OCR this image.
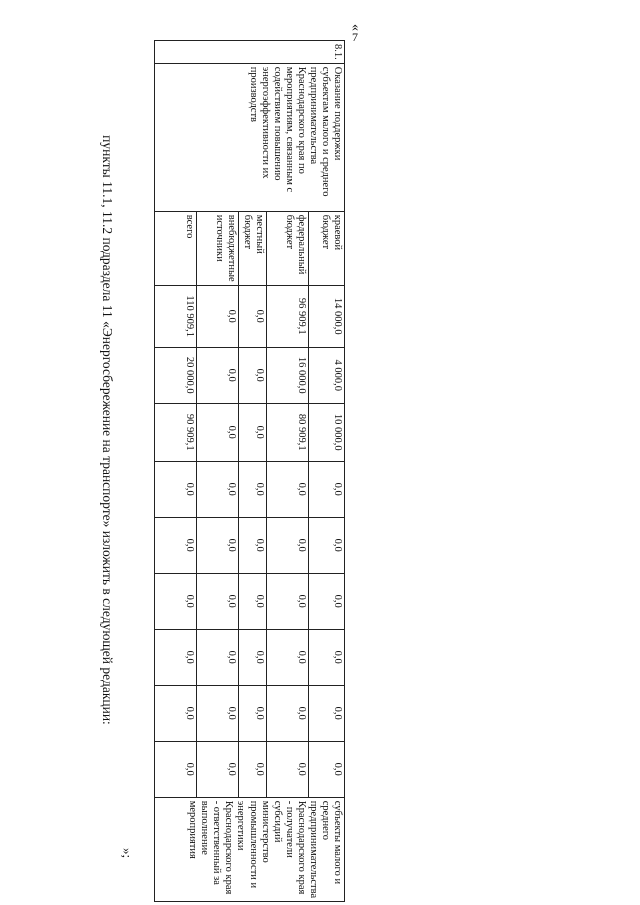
7
«
8.1.	Оказание поддержки субъектам малого и среднего предпринимательства Краснодарского края по мероприятиям, связанным с содействием повышению энергоэффективности их производств	краевой бюджет	14 000,0	4 000,0	10 000,0	0,0	0,0	0,0	0,0	0,0	0,0	субъекты малого и среднего предпринимательства Краснодарского края - получатели субсидий министерство промышленности и энергетики Краснодарского края - ответственный за выполнение мероприятия
		федеральный бюджет	96 909,1	16 000,0	80 909,1	0,0	0,0	0,0	0,0	0,0	0,0	
		местный бюджет	0,0	0,0	0,0	0,0	0,0	0,0	0,0	0,0	0,0	
		внебюджетные источники	0,0	0,0	0,0	0,0	0,0	0,0	0,0	0,0	0,0	
		всего	110 909,1	20 000,0	90 909,1	0,0	0,0	0,0	0,0	0,0	0,0	
»;
пункты 11.1, 11.2 подраздела 11 «Энергосбережение на транспорте» изложить в следующей редакции:
